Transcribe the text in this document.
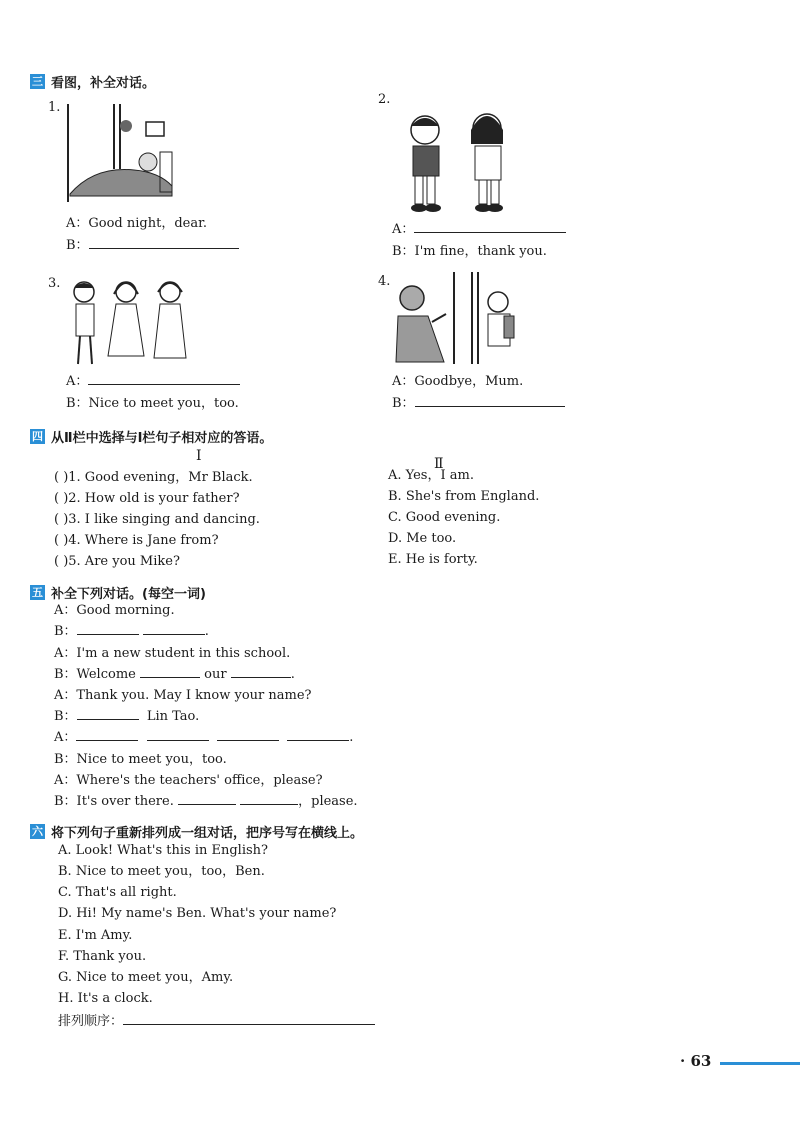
三 看图，补全对话。
1.
A：Good night，dear.
B：
2.
A：
B：I'm fine，thank you.
3.
A：
B：Nice to meet you，too.
4.
A：Goodbye，Mum.
B：
四 从Ⅱ栏中选择与Ⅰ栏句子相对应的答语。
Ⅰ	Ⅱ
( )1. Good evening，Mr Black.
( )2. How old is your father?
( )3. I like singing and dancing.
( )4. Where is Jane from?
( )5. Are you Mike?
A. Yes，I am.
B. She's from England.
C. Good evening.
D. Me too.
E. He is forty.
五 补全下列对话。(每空一词)
A：Good morning.
B：	.
A：I'm a new student in this school.
B：Welcome	our	.
A：Thank you. May I know your name?
B：	Lin Tao.
A：	.
B：Nice to meet you，too.
A：Where's the teachers' office，please?
B：It's over there.	，please.
六 将下列句子重新排列成一组对话，把序号写在横线上。
A. Look! What's this in English?
B. Nice to meet you，too，Ben.
C. That's all right.
D. Hi! My name's Ben. What's your name?
E. I'm Amy.
F. Thank you.
G. Nice to meet you，Amy.
H. It's a clock.
排列顺序：
· 63
